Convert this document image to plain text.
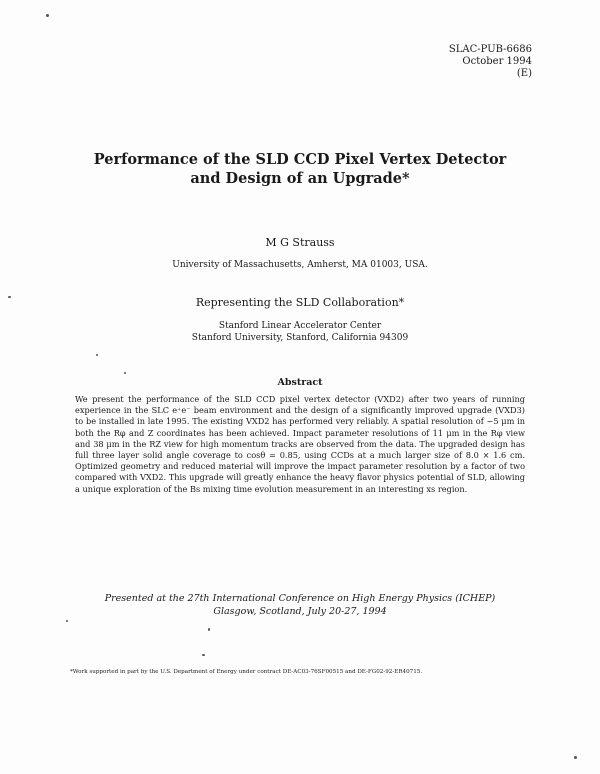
SLAC-PUB-6686
October 1994
(E)
Performance of the SLD CCD Pixel Vertex Detector
and Design of an Upgrade*
M G Strauss
University of Massachusetts, Amherst, MA 01003, USA.
Representing the SLD Collaboration*
Stanford Linear Accelerator Center
Stanford University, Stanford, California 94309
Abstract
We present the performance of the SLD CCD pixel vertex detector (VXD2) after two years of running experience in the SLC e⁺e⁻ beam environment and the design of a significantly improved upgrade (VXD3) to be installed in late 1995. The existing VXD2 has performed very reliably. A spatial resolution of ~5 μm in both the Rφ and Z coordinates has been achieved. Impact parameter resolutions of 11 μm in the Rφ view and 38 μm in the RZ view for high momentum tracks are observed from the data. The upgraded design has full three layer solid angle coverage to cosθ = 0.85, using CCDs at a much larger size of 8.0 × 1.6 cm. Optimized geometry and reduced material will improve the impact parameter resolution by a factor of two compared with VXD2. This upgrade will greatly enhance the heavy flavor physics potential of SLD, allowing a unique exploration of the Bs mixing time evolution measurement in an interesting xs region.
Presented at the 27th International Conference on High Energy Physics (ICHEP)
Glasgow, Scotland, July 20-27, 1994
*Work supported in part by the U.S. Department of Energy under contract DE-AC03-76SF00515 and DE-FG02-92-ER40715.
